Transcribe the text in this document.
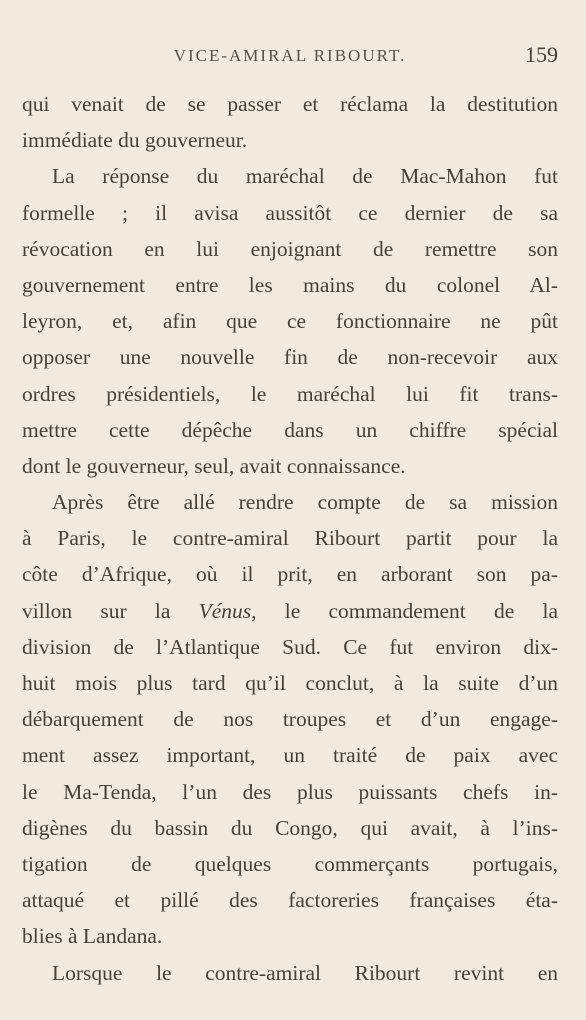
VICE-AMIRAL RIBOURT.	159
qui venait de se passer et réclama la destitution
immédiate du gouverneur.
La réponse du maréchal de Mac-Mahon fut
formelle ; il avisa aussitôt ce dernier de sa
révocation en lui enjoignant de remettre son
gouvernement entre les mains du colonel Al-
leyron, et, afin que ce fonctionnaire ne pût
opposer une nouvelle fin de non-recevoir aux
ordres présidentiels, le maréchal lui fit trans-
mettre cette dépêche dans un chiffre spécial
dont le gouverneur, seul, avait connaissance.
Après être allé rendre compte de sa mission
à Paris, le contre-amiral Ribourt partit pour la
côte d’Afrique, où il prit, en arborant son pa-
villon sur la Vénus, le commandement de la
division de l’Atlantique Sud. Ce fut environ dix-
huit mois plus tard qu’il conclut, à la suite d’un
débarquement de nos troupes et d’un engage-
ment assez important, un traité de paix avec
le Ma-Tenda, l’un des plus puissants chefs in-
digènes du bassin du Congo, qui avait, à l’ins-
tigation de quelques commerçants portugais,
attaqué et pillé des factoreries françaises éta-
blies à Landana.
Lorsque le contre-amiral Ribourt revint en
